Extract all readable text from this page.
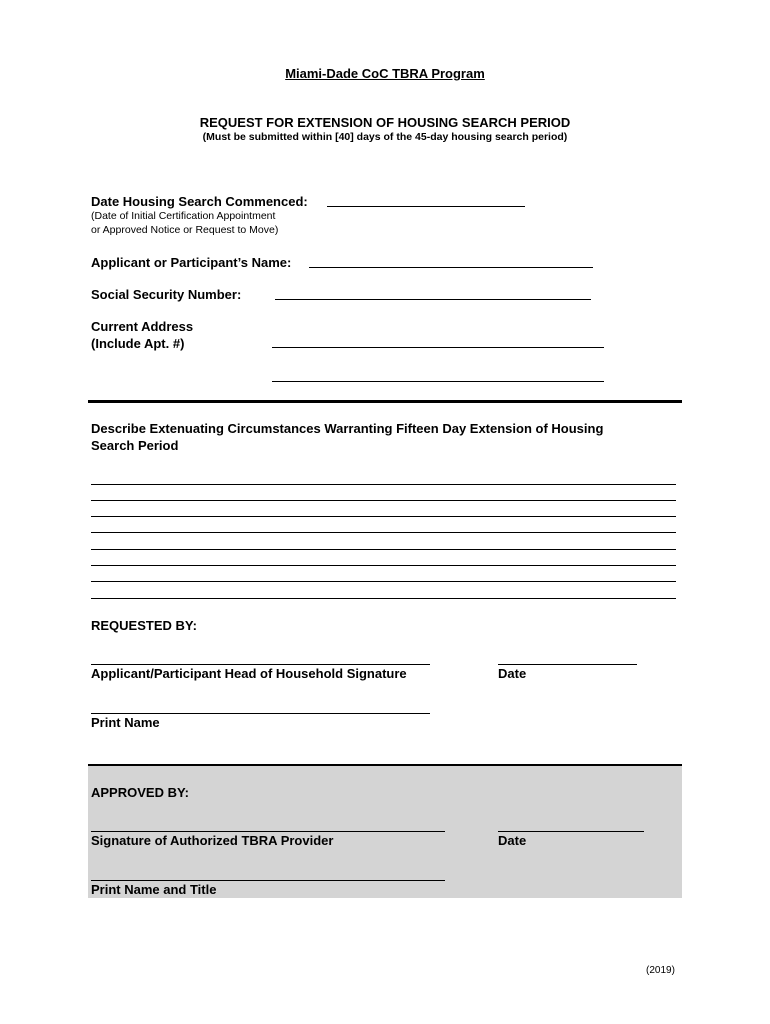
Miami-Dade CoC TBRA Program
REQUEST FOR EXTENSION OF HOUSING SEARCH PERIOD
(Must be submitted within [40] days of the 45-day housing search period)
Date Housing Search Commenced:
(Date of Initial Certification Appointment
or Approved Notice or Request to Move)
Applicant or Participant’s Name:
Social Security Number:
Current Address
(Include Apt. #)
Describe Extenuating Circumstances Warranting Fifteen Day Extension of Housing
Search Period
REQUESTED BY:
Applicant/Participant Head of Household Signature	Date
Print Name
APPROVED BY:
Signature of Authorized TBRA Provider	Date
Print Name and Title
(2019)
